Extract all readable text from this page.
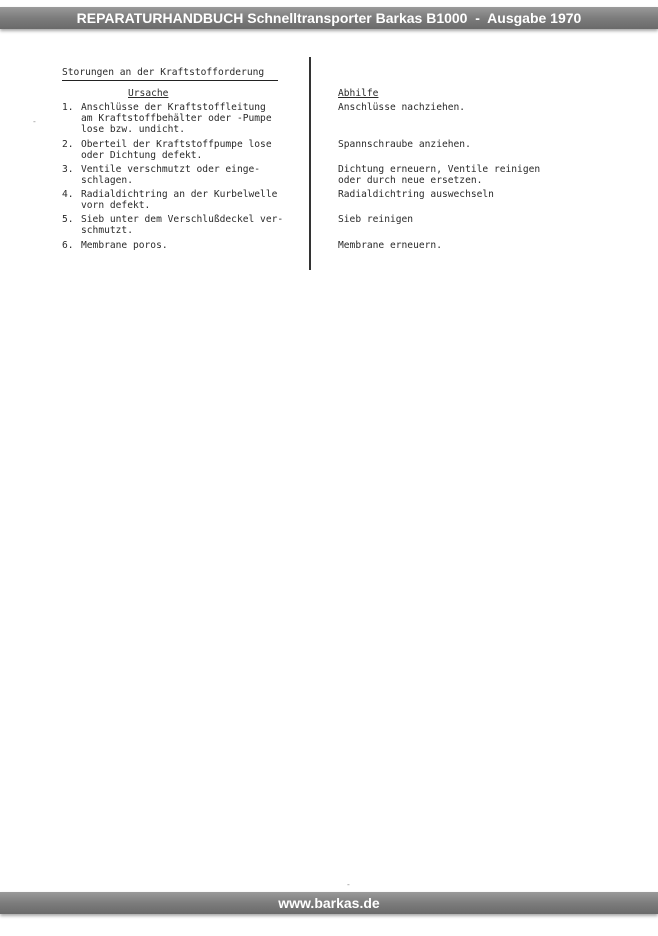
REPARATURHANDBUCH Schnelltransporter Barkas B1000  -  Ausgabe 1970
Storungen an der Kraftstofforderung
Ursache	Abhilfe
1. Anschlüsse der Kraftstoffleitung
am Kraftstoffbehälter oder -Pumpe
lose bzw. undicht.
Anschlüsse nachziehen.
2. Oberteil der Kraftstoffpumpe lose
oder Dichtung defekt.
Spannschraube anziehen.
3. Ventile verschmutzt oder einge-
schlagen.
Dichtung erneuern, Ventile reinigen
oder durch neue ersetzen.
4. Radialdichtring an der Kurbelwelle
vorn defekt.
Radialdichtring auswechseln
5. Sieb unter dem Verschlußdeckel ver-
schmutzt.
Sieb reinigen
6. Membrane poros.	Membrane erneuern.
-
-
www.barkas.de
